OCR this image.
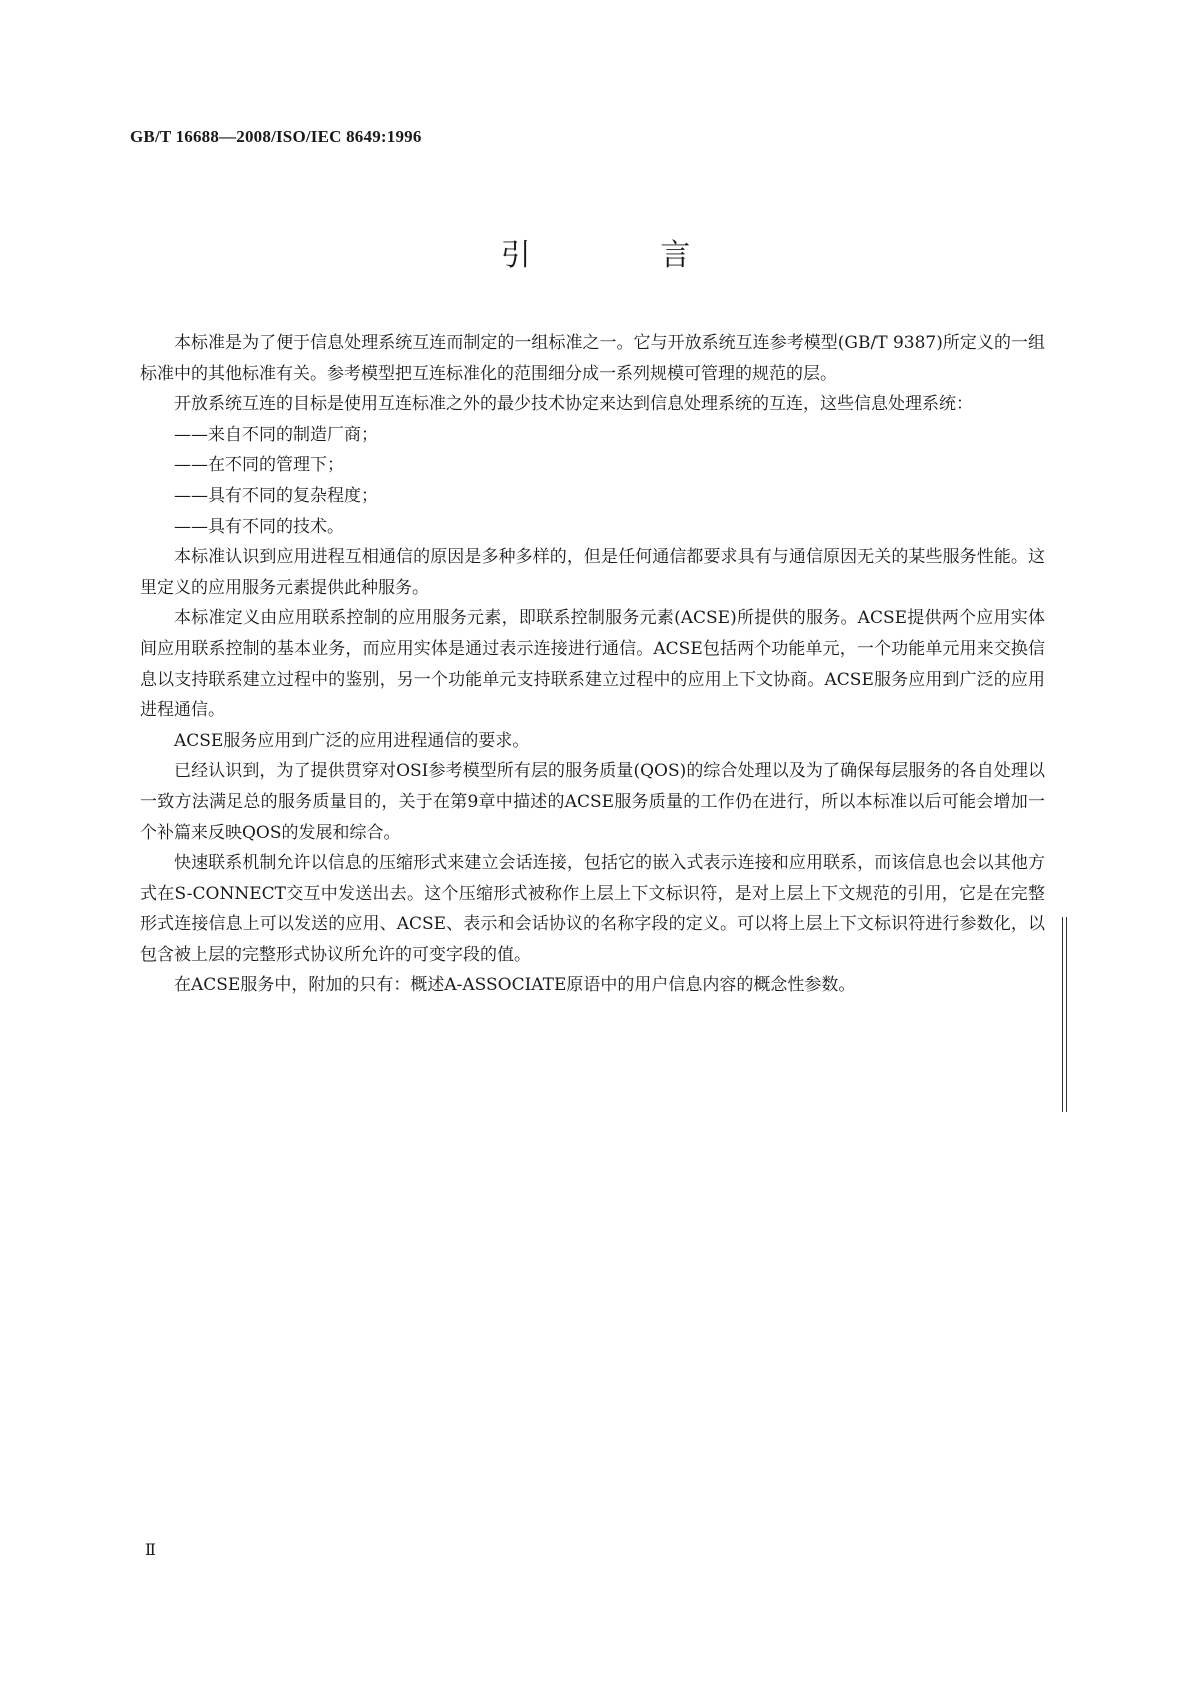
GB/T 16688—2008/ISO/IEC 8649:1996
引 言

本标准是为了便于信息处理系统互连而制定的一组标准之一。它与开放系统互连参考模型(GB/T 9387)所定义的一组标准中的其他标准有关。参考模型把互连标准化的范围细分成一系列规模可管理的规范的层。

开放系统互连的目标是使用互连标准之外的最少技术协定来达到信息处理系统的互连，这些信息处理系统：

——来自不同的制造厂商；

——在不同的管理下；

——具有不同的复杂程度；

——具有不同的技术。

本标准认识到应用进程互相通信的原因是多种多样的，但是任何通信都要求具有与通信原因无关的某些服务性能。这里定义的应用服务元素提供此种服务。

本标准定义由应用联系控制的应用服务元素，即联系控制服务元素(ACSE)所提供的服务。ACSE提供两个应用实体间应用联系控制的基本业务，而应用实体是通过表示连接进行通信。ACSE包括两个功能单元，一个功能单元用来交换信息以支持联系建立过程中的鉴别，另一个功能单元支持联系建立过程中的应用上下文协商。ACSE服务应用到广泛的应用进程通信。

ACSE服务应用到广泛的应用进程通信的要求。

已经认识到，为了提供贯穿对OSI参考模型所有层的服务质量(QOS)的综合处理以及为了确保每层服务的各自处理以一致方法满足总的服务质量目的，关于在第9章中描述的ACSE服务质量的工作仍在进行，所以本标准以后可能会增加一个补篇来反映QOS的发展和综合。

快速联系机制允许以信息的压缩形式来建立会话连接，包括它的嵌入式表示连接和应用联系，而该信息也会以其他方式在S-CONNECT交互中发送出去。这个压缩形式被称作上层上下文标识符，是对上层上下文规范的引用，它是在完整形式连接信息上可以发送的应用、ACSE、表示和会话协议的名称字段的定义。可以将上层上下文标识符进行参数化，以包含被上层的完整形式协议所允许的可变字段的值。

在ACSE服务中，附加的只有：概述A-ASSOCIATE原语中的用户信息内容的概念性参数。

Ⅱ
